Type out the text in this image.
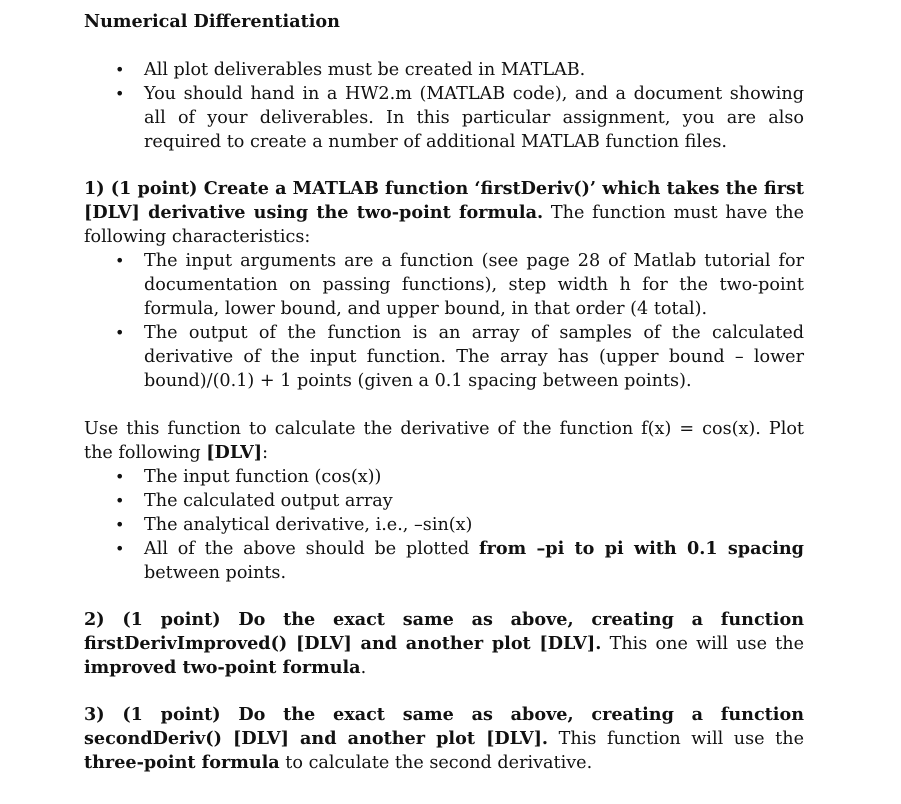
Numerical Differentiation
• All plot deliverables must be created in MATLAB.
• You should hand in a HW2.m (MATLAB code), and a document showing all of your deliverables. In this particular assignment, you are also required to create a number of additional MATLAB function files.

1) (1 point) Create a MATLAB function ‘firstDeriv()’ which takes the first [DLV] derivative using the two-point formula. The function must have the following characteristics:

• The input arguments are a function (see page 28 of Matlab tutorial for documentation on passing functions), step width h for the two-point formula, lower bound, and upper bound, in that order (4 total).
• The output of the function is an array of samples of the calculated derivative of the input function. The array has (upper bound – lower bound)/(0.1) + 1 points (given a 0.1 spacing between points).

Use this function to calculate the derivative of the function f(x) = cos(x). Plot the following [DLV]:

• The input function (cos(x))
• The calculated output array
• The analytical derivative, i.e., –sin(x)
• All of the above should be plotted from –pi to pi with 0.1 spacing between points.

2) (1 point) Do the exact same as above, creating a function firstDerivImproved() [DLV] and another plot [DLV]. This one will use the improved two-point formula.

3) (1 point) Do the exact same as above, creating a function secondDeriv() [DLV] and another plot [DLV]. This function will use the three-point formula to calculate the second derivative.
